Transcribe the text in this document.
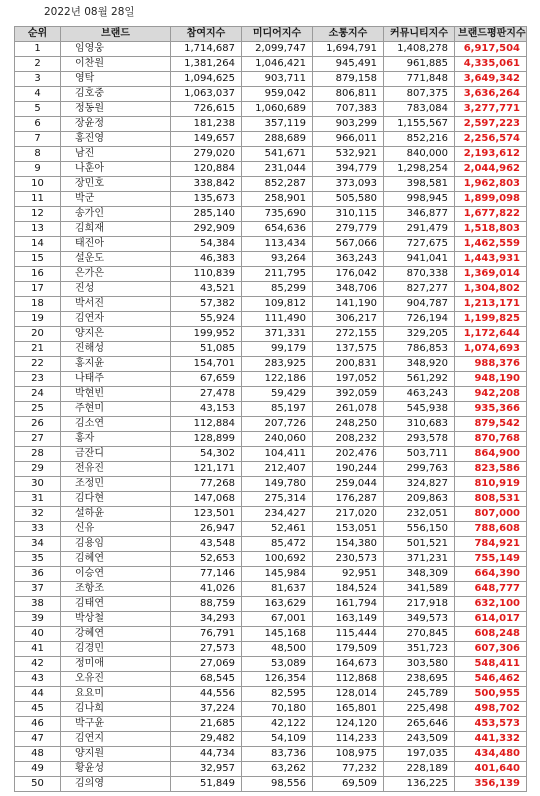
2022년 08월 28일
순위	브랜드	참여지수	미디어지수	소통지수	커뮤니티지수	브랜드평판지수
1	임영웅	1,714,687	2,099,747	1,694,791	1,408,278	6,917,504
2	이찬원	1,381,264	1,046,421	945,491	961,885	4,335,061
3	영탁	1,094,625	903,711	879,158	771,848	3,649,342
4	김호중	1,063,037	959,042	806,811	807,375	3,636,264
5	정동원	726,615	1,060,689	707,383	783,084	3,277,771
6	장윤정	181,238	357,119	903,299	1,155,567	2,597,223
7	홍진영	149,657	288,689	966,011	852,216	2,256,574
8	남진	279,020	541,671	532,921	840,000	2,193,612
9	나훈아	120,884	231,044	394,779	1,298,254	2,044,962
10	장민호	338,842	852,287	373,093	398,581	1,962,803
11	박군	135,673	258,901	505,580	998,945	1,899,098
12	송가인	285,140	735,690	310,115	346,877	1,677,822
13	김희재	292,909	654,636	279,779	291,479	1,518,803
14	태진아	54,384	113,434	567,066	727,675	1,462,559
15	설운도	46,383	93,264	363,243	941,041	1,443,931
16	은가은	110,839	211,795	176,042	870,338	1,369,014
17	진성	43,521	85,299	348,706	827,277	1,304,802
18	박서진	57,382	109,812	141,190	904,787	1,213,171
19	김연자	55,924	111,490	306,217	726,194	1,199,825
20	양지은	199,952	371,331	272,155	329,205	1,172,644
21	진해성	51,085	99,179	137,575	786,853	1,074,693
22	홍지윤	154,701	283,925	200,831	348,920	988,376
23	나태주	67,659	122,186	197,052	561,292	948,190
24	박현빈	27,478	59,429	392,059	463,243	942,208
25	주현미	43,153	85,197	261,078	545,938	935,366
26	김소연	112,884	207,726	248,250	310,683	879,542
27	홍자	128,899	240,060	208,232	293,578	870,768
28	금잔디	54,302	104,411	202,476	503,711	864,900
29	전유진	121,171	212,407	190,244	299,763	823,586
30	조정민	77,268	149,780	259,044	324,827	810,919
31	김다현	147,068	275,314	176,287	209,863	808,531
32	설하윤	123,501	234,427	217,020	232,051	807,000
33	신유	26,947	52,461	153,051	556,150	788,608
34	김용임	43,548	85,472	154,380	501,521	784,921
35	김혜연	52,653	100,692	230,573	371,231	755,149
36	이승연	77,146	145,984	92,951	348,309	664,390
37	조항조	41,026	81,637	184,524	341,589	648,777
38	김태연	88,759	163,629	161,794	217,918	632,100
39	박상철	34,293	67,001	163,149	349,573	614,017
40	강혜연	76,791	145,168	115,444	270,845	608,248
41	김경민	27,573	48,500	179,509	351,723	607,306
42	정미애	27,069	53,089	164,673	303,580	548,411
43	오유진	68,545	126,354	112,868	238,695	546,462
44	요요미	44,556	82,595	128,014	245,789	500,955
45	김나희	37,224	70,180	165,801	225,498	498,702
46	박구윤	21,685	42,122	124,120	265,646	453,573
47	김연지	29,482	54,109	114,233	243,509	441,332
48	양지원	44,734	83,736	108,975	197,035	434,480
49	황윤성	32,957	63,262	77,232	228,189	401,640
50	김의영	51,849	98,556	69,509	136,225	356,139
